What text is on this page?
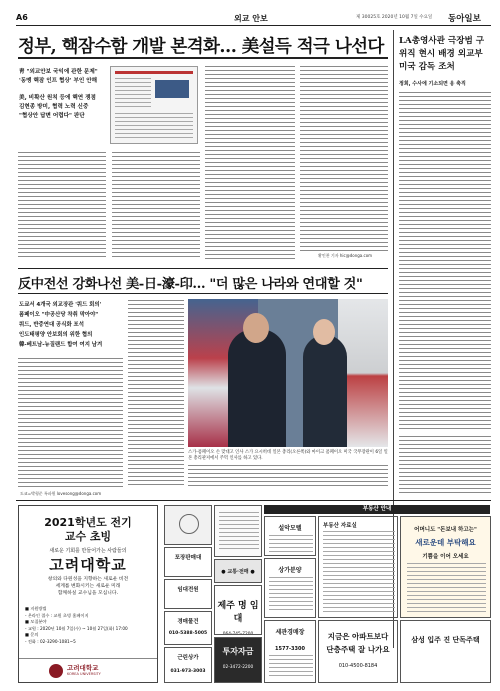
A6	외교 안보	제 30025호 2020년 10월 7일 수요일 동아일보
정부, 핵잠수함 개발 본격화… 美설득 적극 나선다
靑 "외교안보 국익에 관한 문제"
'동맹 핵잠 인프 협상' 부인 안해
美, 비확산 원칙 등에 핵연 쟁점
김현종 방미, 협력 노력 신중
"협상안 답변 어렵다" 판단
황인찬 기자 hic@donga.com
LA총영사관 극장범 구위직 현시 배경 외교부 미국 감독 조처
정희, 수사에 기소되면 응 축직
反中전선 강화나선 美-日-濠-印… "더 많은 나라와 연대할 것"
도쿄서 4개국 외교장관 '쿼드 회의'
폼페이오 "中공산당 착취 막아야"
쿼드, 반중연대 공식화 포석
인도태평양 안보회의 위한 협의
韓-베트남-뉴질랜드 합여 여지 남겨
스가-폼페이오 손 맞대고 인사 스가 요시히데 일본 총리(오른쪽)와 마이크 폼페이오 미국 국무장관이 6일 일본 총리관저에서 주먹 인사를 하고 있다.
도쿄=박형준 특파원 lovesong@donga.com
2021학년도 전기
교수 초빙
새로운 기회를 만들어가는 사람들의
고려대학교
창의와 다원성을 지향하는 새로운 비전
세계를 변화시키는 새로운 미래
함께하실 교수님을 모십니다.
■ 지원방법
- 온라인 접수 : 교원 초빙 홈페이지
■ 모집분야
- 교원 : 2020년 10월 7일(수) ~ 10월 27일(화) 17:00
■ 문의
- 전화 : 02-3290-1081~5
고려대학교
KOREA UNIVERSITY
부동산 안내
포장판매대
임대전원
경매물건
010-5388-5005
근린상가
031-973-3003
● 교통·전매 ●
제주 명 임대
064-745-7200
투자자금
02-3472-2200
설악모텔
상가분양
세관경매장
1577-3300
부동산 자료실
지금은 아파트보다
단층주택 잘 나가요
010-4500-8184
어머니도 "돈보내 하고는"
새로운데 부탁해요
기쁨을 이어 오세요
삼성 입주 진 단독주택
